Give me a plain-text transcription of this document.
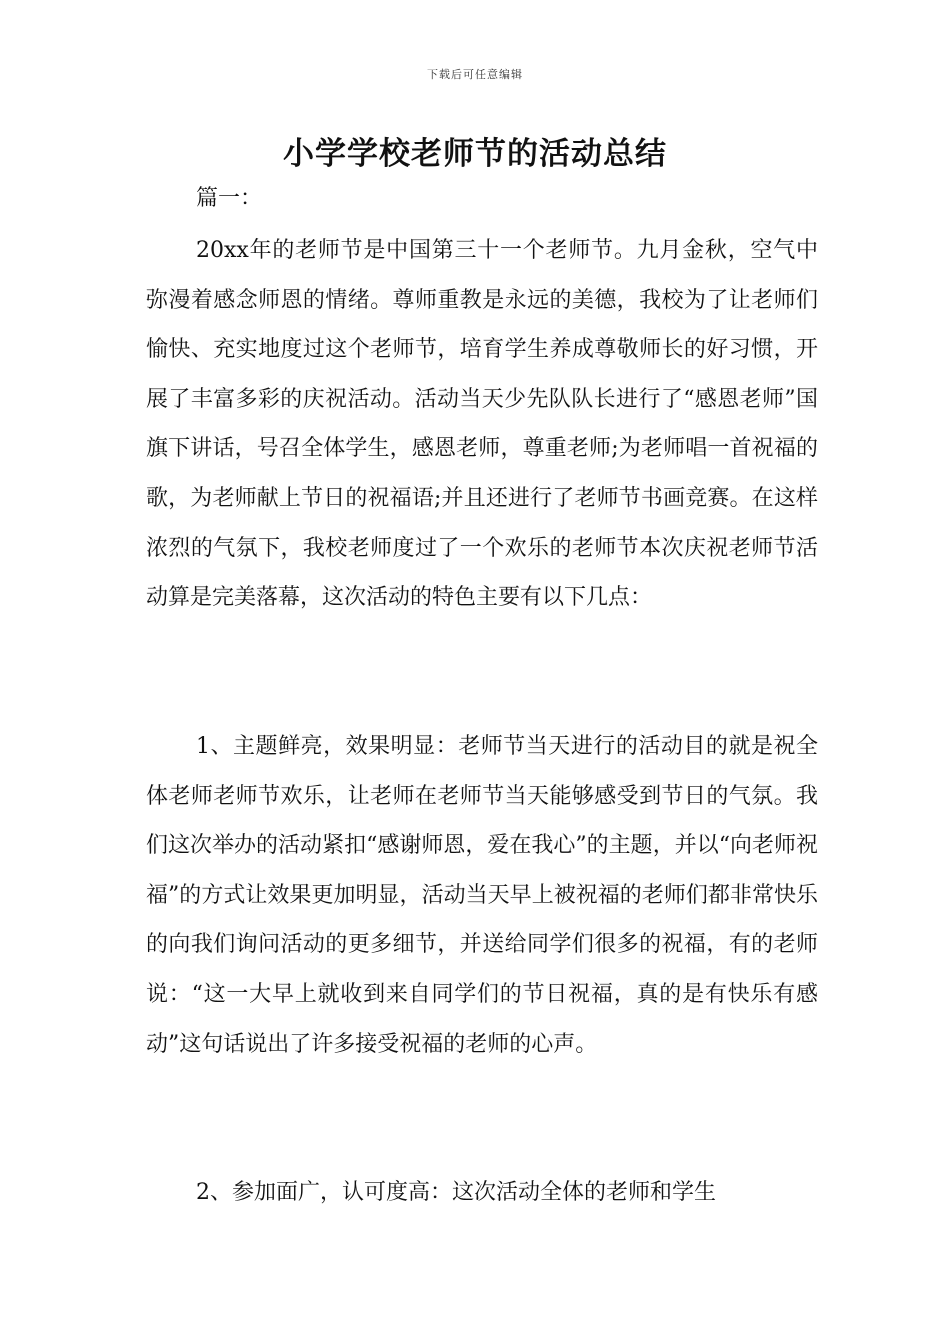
下载后可任意编辑
小学学校老师节的活动总结
篇一：

20xx年的老师节是中国第三十一个老师节。九月金秋，空气中弥漫着感念师恩的情绪。尊师重教是永远的美德，我校为了让老师们愉快、充实地度过这个老师节，培育学生养成尊敬师长的好习惯，开展了丰富多彩的庆祝活动。活动当天少先队队长进行了“感恩老师”国旗下讲话，号召全体学生，感恩老师，尊重老师;为老师唱一首祝福的歌，为老师献上节日的祝福语;并且还进行了老师节书画竞赛。在这样浓烈的气氛下，我校老师度过了一个欢乐的老师节本次庆祝老师节活动算是完美落幕，这次活动的特色主要有以下几点：

1、主题鲜亮，效果明显：老师节当天进行的活动目的就是祝全体老师老师节欢乐，让老师在老师节当天能够感受到节日的气氛。我们这次举办的活动紧扣“感谢师恩，爱在我心”的主题，并以“向老师祝福”的方式让效果更加明显，活动当天早上被祝福的老师们都非常快乐的向我们询问活动的更多细节，并送给同学们很多的祝福，有的老师说：“这一大早上就收到来自同学们的节日祝福，真的是有快乐有感动”这句话说出了许多接受祝福的老师的心声。

2、参加面广，认可度高：这次活动全体的老师和学生
